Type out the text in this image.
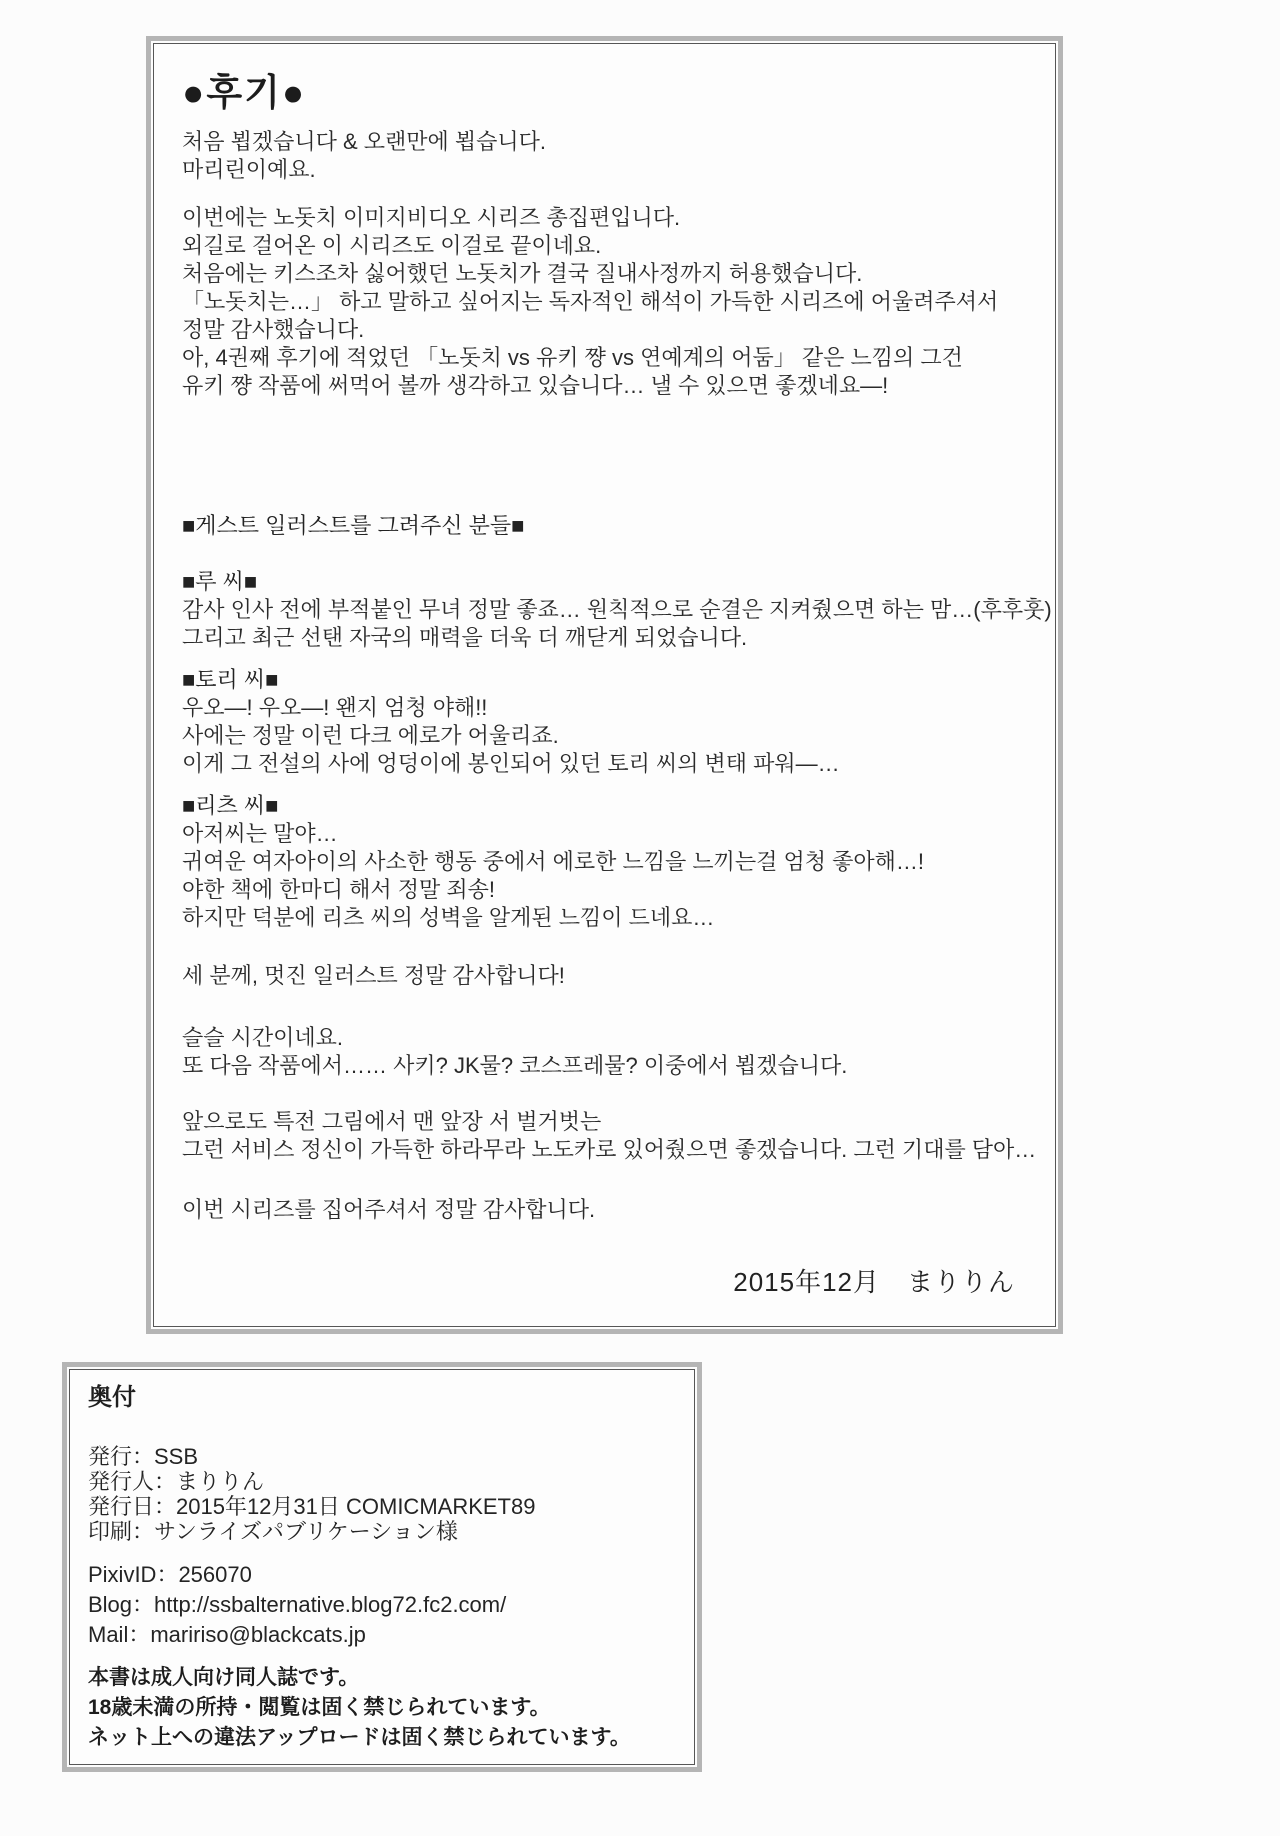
●후기●
처음 뵙겠습니다 & 오랜만에 뵙습니다.
마리린이예요.
이번에는 노돗치 이미지비디오 시리즈 총집편입니다.
외길로 걸어온 이 시리즈도 이걸로 끝이네요.
처음에는 키스조차 싫어했던 노돗치가 결국 질내사정까지 허용했습니다.
「노돗치는…」 하고 말하고 싶어지는 독자적인 해석이 가득한 시리즈에 어울려주셔서
정말 감사했습니다.
아, 4권째 후기에 적었던 「노돗치 vs 유키 쨩 vs 연예계의 어둠」 같은 느낌의 그건
유키 쨩 작품에 써먹어 볼까 생각하고 있습니다… 낼 수 있으면 좋겠네요―!
■게스트 일러스트를 그려주신 분들■
■루 씨■
감사 인사 전에 부적붙인 무녀 정말 좋죠… 원칙적으로 순결은 지켜줬으면 하는 맘…(후후훗)
그리고 최근 선탠 자국의 매력을 더욱 더 깨닫게 되었습니다.
■토리 씨■
우오―! 우오―! 왠지 엄청 야해!!
사에는 정말 이런 다크 에로가 어울리죠.
이게 그 전설의 사에 엉덩이에 봉인되어 있던 토리 씨의 변태 파워―…
■리츠 씨■
아저씨는 말야…
귀여운 여자아이의 사소한 행동 중에서 에로한 느낌을 느끼는걸 엄청 좋아해…!
야한 책에 한마디 해서 정말 죄송!
하지만 덕분에 리츠 씨의 성벽을 알게된 느낌이 드네요…
세 분께, 멋진 일러스트 정말 감사합니다!
슬슬 시간이네요.
또 다음 작품에서…… 사키? JK물? 코스프레물? 이중에서 뵙겠습니다.
앞으로도 특전 그림에서 맨 앞장 서 벌거벗는
그런 서비스 정신이 가득한 하라무라 노도카로 있어줬으면 좋겠습니다. 그런 기대를 담아…
이번 시리즈를 집어주셔서 정말 감사합니다.
2015年12月　まりりん
奥付
発行：SSB
発行人：まりりん
発行日：2015年12月31日 COMICMARKET89
印刷：サンライズパブリケーション様
PixivID：256070
Blog：http://ssbalternative.blog72.fc2.com/
Mail：maririso@blackcats.jp
本書は成人向け同人誌です。
18歳未満の所持・閲覧は固く禁じられています。
ネット上への違法アップロードは固く禁じられています。
